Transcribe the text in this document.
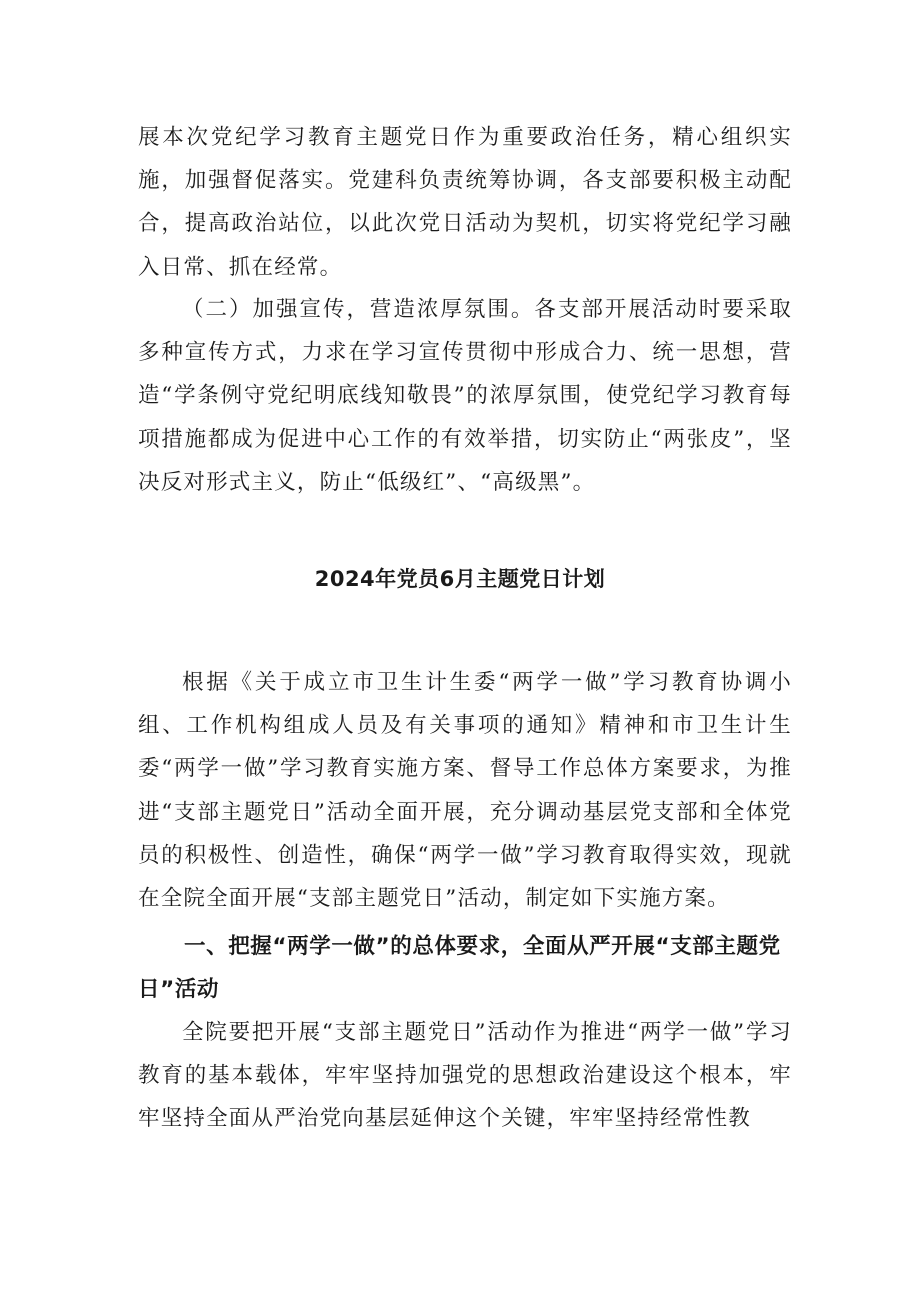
展本次党纪学习教育主题党日作为重要政治任务，精心组织实施，加强督促落实。党建科负责统筹协调，各支部要积极主动配合，提高政治站位，以此次党日活动为契机，切实将党纪学习融入日常、抓在经常。

（二）加强宣传，营造浓厚氛围。各支部开展活动时要采取多种宣传方式，力求在学习宣传贯彻中形成合力、统一思想，营造“学条例守党纪明底线知敬畏”的浓厚氛围，使党纪学习教育每项措施都成为促进中心工作的有效举措，切实防止“两张皮”，坚决反对形式主义，防止“低级红”、“高级黑”。

2024年党员6月主题党日计划

根据《关于成立市卫生计生委“两学一做”学习教育协调小组、工作机构组成人员及有关事项的通知》精神和市卫生计生委“两学一做”学习教育实施方案、督导工作总体方案要求，为推进“支部主题党日”活动全面开展，充分调动基层党支部和全体党员的积极性、创造性，确保“两学一做”学习教育取得实效，现就在全院全面开展“支部主题党日”活动，制定如下实施方案。

一、把握“两学一做”的总体要求，全面从严开展“支部主题党日”活动

全院要把开展“支部主题党日”活动作为推进“两学一做”学习教育的基本载体，牢牢坚持加强党的思想政治建设这个根本，牢牢坚持全面从严治党向基层延伸这个关键，牢牢坚持经常性教
